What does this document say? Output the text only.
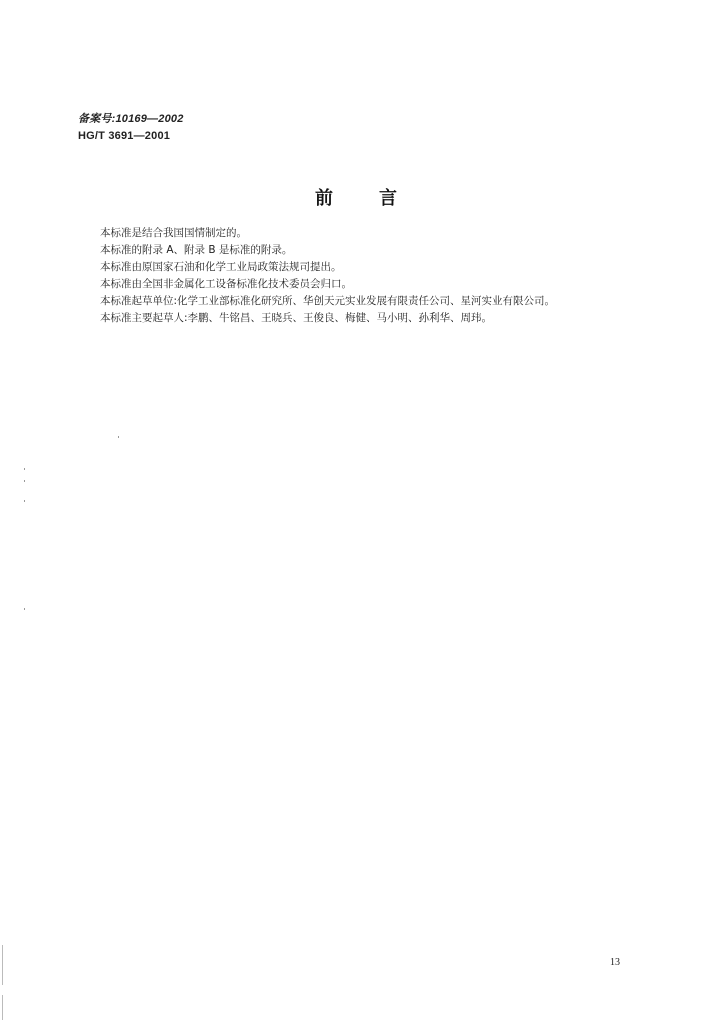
备案号:10169—2002
HG/T 3691—2001
前言
本标准是结合我国国情制定的。
本标准的附录 A、附录 B 是标准的附录。
本标准由原国家石油和化学工业局政策法规司提出。
本标准由全国非金属化工设备标准化技术委员会归口。
本标准起草单位:化学工业部标准化研究所、华创天元实业发展有限责任公司、星河实业有限公司。
本标准主要起草人:李鹏、牛铭昌、王晓兵、王俊良、梅健、马小明、孙利华、周玮。
13
